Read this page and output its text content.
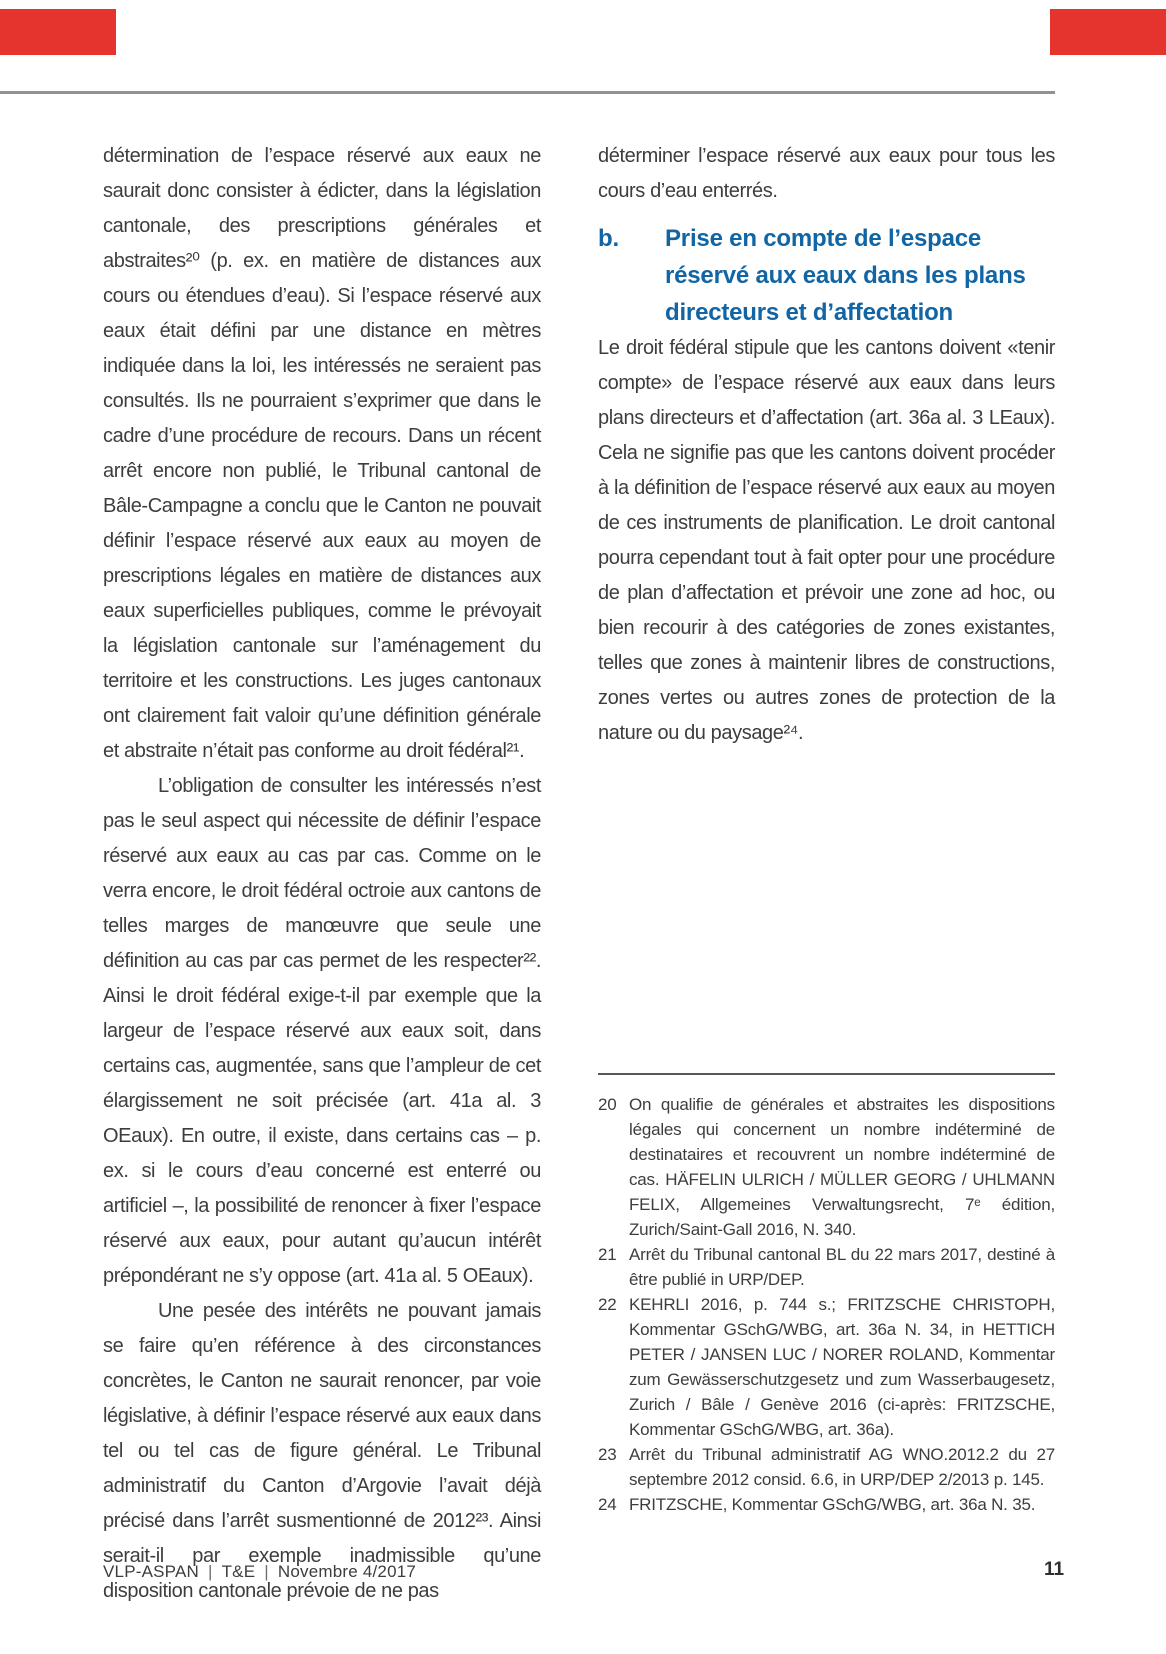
détermination de l’espace réservé aux eaux ne saurait donc consister à édicter, dans la législation cantonale, des prescriptions générales et abstraites²⁰ (p. ex. en matière de distances aux cours ou étendues d’eau). Si l’espace réservé aux eaux était défini par une distance en mètres indiquée dans la loi, les intéressés ne seraient pas consultés. Ils ne pourraient s’exprimer que dans le cadre d’une procédure de recours. Dans un récent arrêt encore non publié, le Tribunal cantonal de Bâle-Campagne a conclu que le Canton ne pouvait définir l’espace réservé aux eaux au moyen de prescriptions légales en matière de distances aux eaux superficielles publiques, comme le prévoyait la législation cantonale sur l’aménagement du territoire et les constructions. Les juges cantonaux ont clairement fait valoir qu’une définition générale et abstraite n’était pas conforme au droit fédéral²¹.

L’obligation de consulter les intéressés n’est pas le seul aspect qui nécessite de définir l’espace réservé aux eaux au cas par cas. Comme on le verra encore, le droit fédéral octroie aux cantons de telles marges de manœuvre que seule une définition au cas par cas permet de les respecter²². Ainsi le droit fédéral exige-t-il par exemple que la largeur de l’espace réservé aux eaux soit, dans certains cas, augmentée, sans que l’ampleur de cet élargissement ne soit précisée (art. 41a al. 3 OEaux). En outre, il existe, dans certains cas – p. ex. si le cours d’eau concerné est enterré ou artificiel –, la possibilité de renoncer à fixer l’espace réservé aux eaux, pour autant qu’aucun intérêt prépondérant ne s’y oppose (art. 41a al. 5 OEaux).

Une pesée des intérêts ne pouvant jamais se faire qu’en référence à des circonstances concrètes, le Canton ne saurait renoncer, par voie législative, à définir l’espace réservé aux eaux dans tel ou tel cas de figure général. Le Tribunal administratif du Canton d’Argovie l’avait déjà précisé dans l’arrêt susmentionné de 2012²³. Ainsi serait-il par exemple inadmissible qu’une disposition cantonale prévoie de ne pas

déterminer l’espace réservé aux eaux pour tous les cours d’eau enterrés.

b.	Prise en compte de l’espace réservé aux eaux dans les plans directeurs et d’affectation

Le droit fédéral stipule que les cantons doivent «tenir compte» de l’espace réservé aux eaux dans leurs plans directeurs et d’affectation (art. 36a al. 3 LEaux). Cela ne signifie pas que les cantons doivent procéder à la définition de l’espace réservé aux eaux au moyen de ces instruments de planification. Le droit cantonal pourra cependant tout à fait opter pour une procédure de plan d’affectation et prévoir une zone ad hoc, ou bien recourir à des catégories de zones existantes, telles que zones à maintenir libres de constructions, zones vertes ou autres zones de protection de la nature ou du paysage²⁴.

20 On qualifie de générales et abstraites les dispositions légales qui concernent un nombre indéterminé de destinataires et recouvrent un nombre indéterminé de cas. HÄFELIN ULRICH / MÜLLER GEORG / UHLMANN FELIX, Allgemeines Verwaltungsrecht, 7ᵉ édition, Zurich/Saint-Gall 2016, N. 340.

21 Arrêt du Tribunal cantonal BL du 22 mars 2017, destiné à être publié in URP/DEP.

22 KEHRLI 2016, p. 744 s.; FRITZSCHE CHRISTOPH, Kommentar GSchG/WBG, art. 36a N. 34, in HETTICH PETER / JANSEN LUC / NORER ROLAND, Kommentar zum Gewässerschutzgesetz und zum Wasserbaugesetz, Zurich / Bâle / Genève 2016 (ci-après: FRITZSCHE, Kommentar GSchG/WBG, art. 36a).

23 Arrêt du Tribunal administratif AG WNO.2012.2 du 27 septembre 2012 consid. 6.6, in URP/DEP 2/2013 p. 145.

24 FRITZSCHE, Kommentar GSchG/WBG, art. 36a N. 35.

VLP-ASPAN | T&E | Novembre 4/2017	11
